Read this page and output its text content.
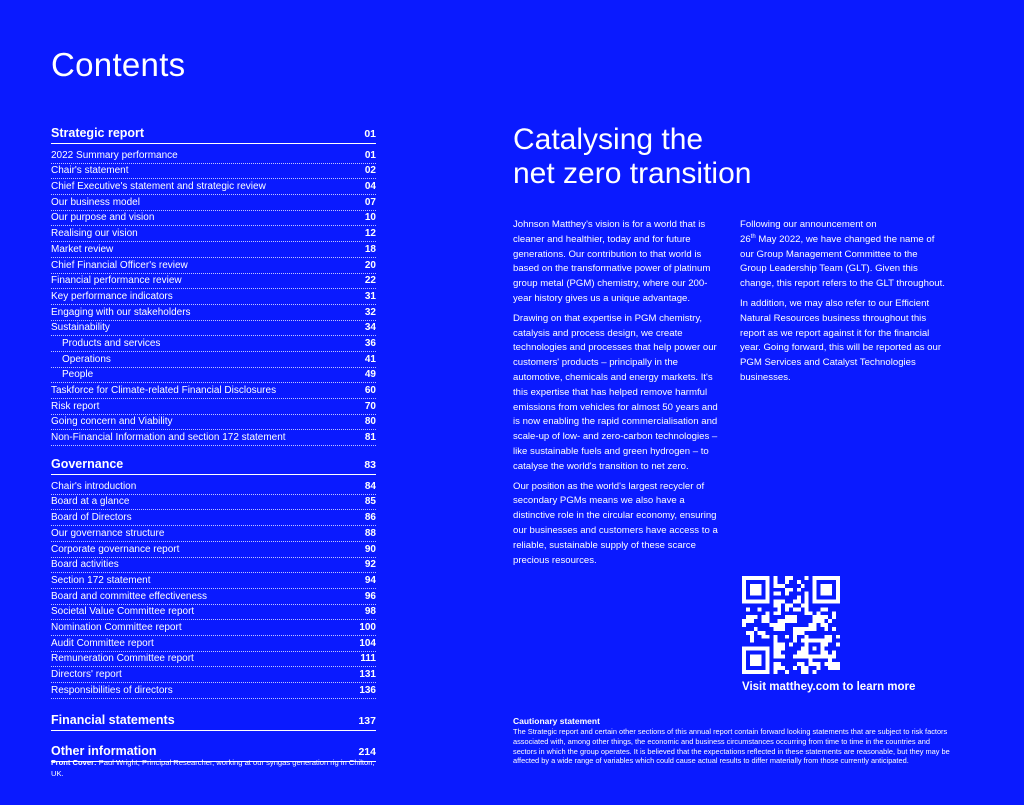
Contents
Strategic report	01
2022 Summary performance	01
Chair's statement	02
Chief Executive's statement and strategic review	04
Our business model	07
Our purpose and vision	10
Realising our vision	12
Market review	18
Chief Financial Officer's review	20
Financial performance review	22
Key performance indicators	31
Engaging with our stakeholders	32
Sustainability	34
Products and services	36
Operations	41
People	49
Taskforce for Climate-related Financial Disclosures	60
Risk report	70
Going concern and Viability	80
Non-Financial Information and section 172 statement	81
Governance	83
Chair's introduction	84
Board at a glance	85
Board of Directors	86
Our governance structure	88
Corporate governance report	90
Board activities	92
Section 172 statement	94
Board and committee effectiveness	96
Societal Value Committee report	98
Nomination Committee report	100
Audit Committee report	104
Remuneration Committee report	111
Directors' report	131
Responsibilities of directors	136
Financial statements	137
Other information	214
Front Cover: Paul Wright, Principal Researcher, working at our syngas generation rig in Chilton, UK.
Catalysing the
net zero transition

Johnson Matthey's vision is for a world that is cleaner and healthier, today and for future generations. Our contribution to that world is based on the transformative power of platinum group metal (PGM) chemistry, where our 200-year history gives us a unique advantage.

Drawing on that expertise in PGM chemistry, catalysis and process design, we create technologies and processes that help power our customers' products – principally in the automotive, chemicals and energy markets. It's this expertise that has helped remove harmful emissions from vehicles for almost 50 years and is now enabling the rapid commercialisation and scale-up of low- and zero-carbon technologies – like sustainable fuels and green hydrogen – to catalyse the world's transition to net zero.

Our position as the world's largest recycler of secondary PGMs means we also have a distinctive role in the circular economy, ensuring our businesses and customers have access to a reliable, sustainable supply of these scarce precious resources.

Following our announcement on
26th May 2022, we have changed the name of our Group Management Committee to the Group Leadership Team (GLT). Given this change, this report refers to the GLT throughout.

In addition, we may also refer to our Efficient Natural Resources business throughout this report as we report against it for the financial year. Going forward, this will be reported as our PGM Services and Catalyst Technologies businesses.

Visit matthey.com to learn more
Cautionary statement
The Strategic report and certain other sections of this annual report contain forward looking statements that are subject to risk factors associated with, among other things, the economic and business circumstances occurring from time to time in the countries and sectors in which the group operates. It is believed that the expectations reflected in these statements are reasonable, but they may be affected by a wide range of variables which could cause actual results to differ materially from those currently anticipated.
